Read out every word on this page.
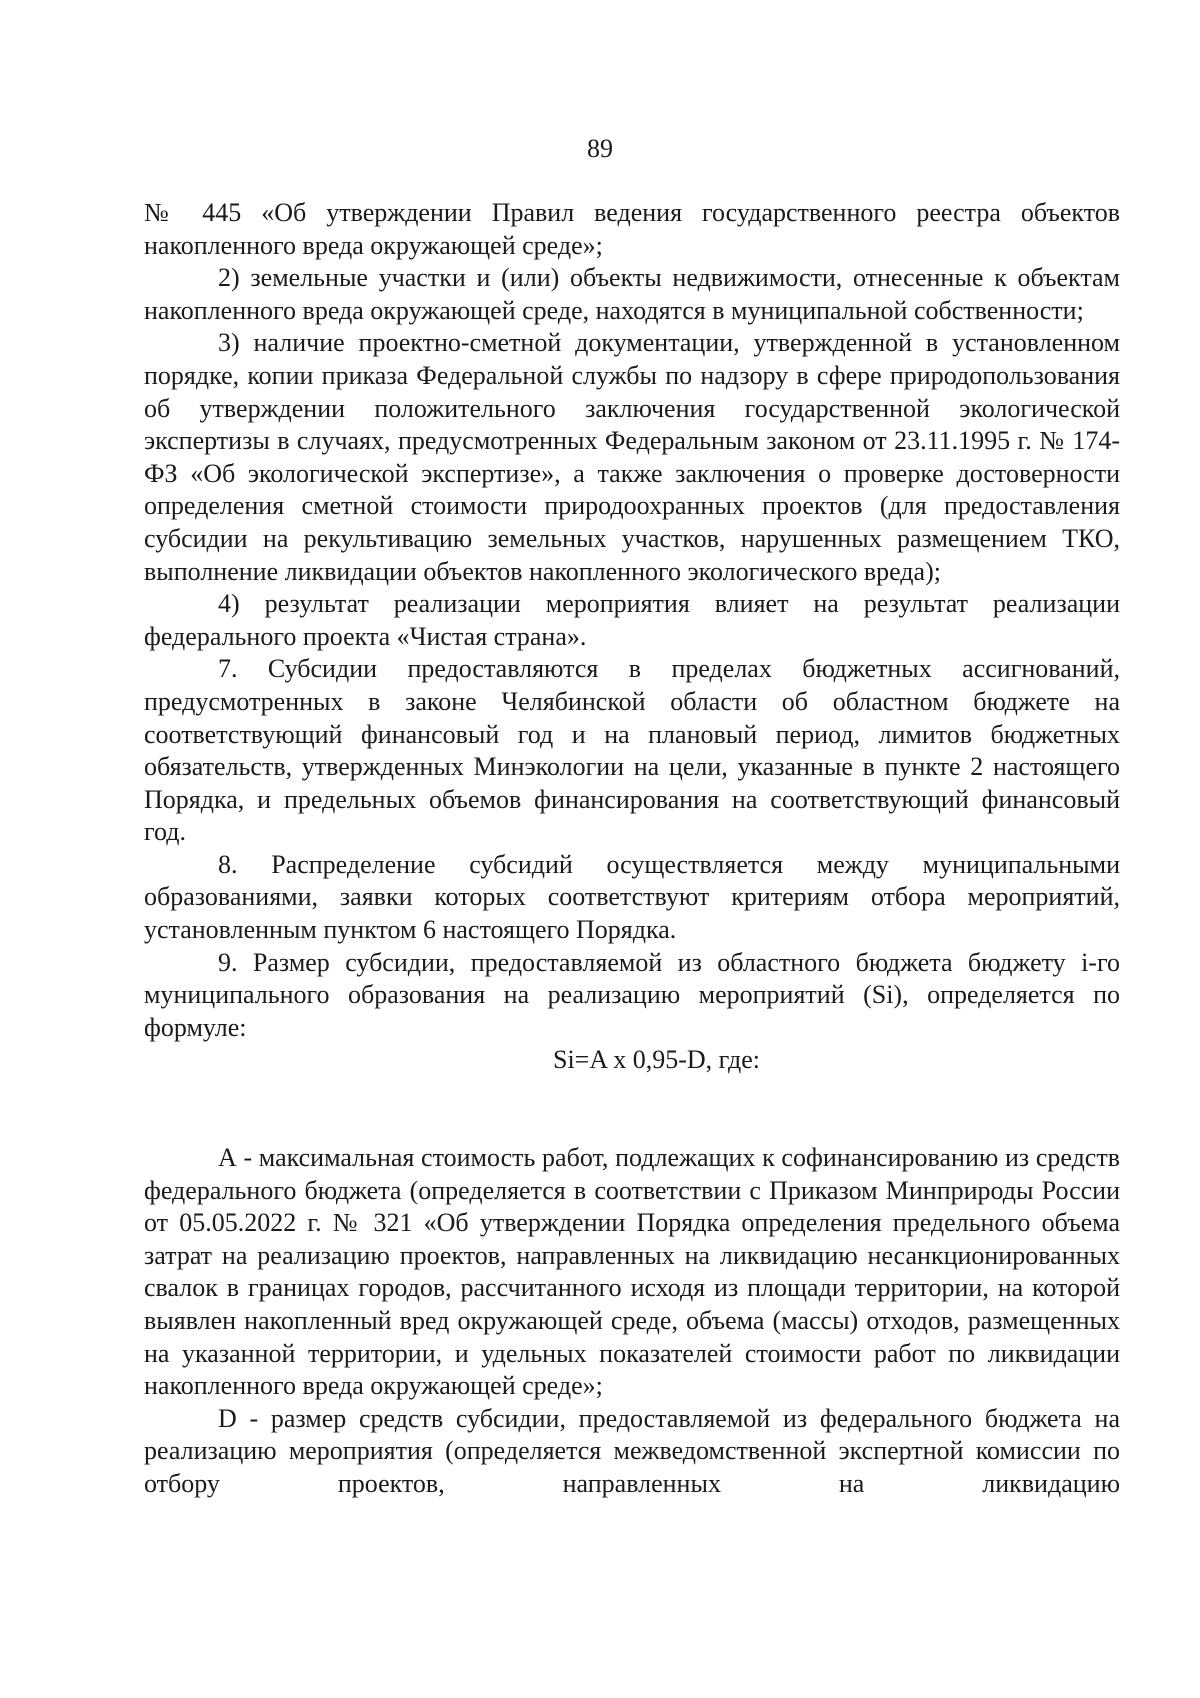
89

№ 445 «Об утверждении Правил ведения государственного реестра объектов накопленного вреда окружающей среде»;

2) земельные участки и (или) объекты недвижимости, отнесенные к объектам накопленного вреда окружающей среде, находятся в муниципальной собственности;

3) наличие проектно-сметной документации, утвержденной в установленном порядке, копии приказа Федеральной службы по надзору в сфере природопользования об утверждении положительного заключения государственной экологической экспертизы в случаях, предусмотренных Федеральным законом от 23.11.1995 г. № 174-ФЗ «Об экологической экспертизе», а также заключения о проверке достоверности определения сметной стоимости природоохранных проектов (для предоставления субсидии на рекультивацию земельных участков, нарушенных размещением ТКО, выполнение ликвидации объектов накопленного экологического вреда);

4) результат реализации мероприятия влияет на результат реализации федерального проекта «Чистая страна».

7. Субсидии предоставляются в пределах бюджетных ассигнований, предусмотренных в законе Челябинской области об областном бюджете на соответствующий финансовый год и на плановый период, лимитов бюджетных обязательств, утвержденных Минэкологии на цели, указанные в пункте 2 настоящего Порядка, и предельных объемов финансирования на соответствующий финансовый год.

8. Распределение субсидий осуществляется между муниципальными образованиями, заявки которых соответствуют критериям отбора мероприятий, установленным пунктом 6 настоящего Порядка.

9. Размер субсидии, предоставляемой из областного бюджета бюджету i-го муниципального образования на реализацию мероприятий (Si), определяется по формуле:

Si=A x 0,95-D, где:

А - максимальная стоимость работ, подлежащих к софинансированию из средств федерального бюджета (определяется в соответствии с Приказом Минприроды России от 05.05.2022 г. № 321 «Об утверждении Порядка определения предельного объема затрат на реализацию проектов, направленных на ликвидацию несанкционированных свалок в границах городов, рассчитанного исходя из площади территории, на которой выявлен накопленный вред окружающей среде, объема (массы) отходов, размещенных на указанной территории, и удельных показателей стоимости работ по ликвидации накопленного вреда окружающей среде»;

D - размер средств субсидии, предоставляемой из федерального бюджета на реализацию мероприятия (определяется межведомственной экспертной комиссии по отбору проектов, направленных на ликвидацию
